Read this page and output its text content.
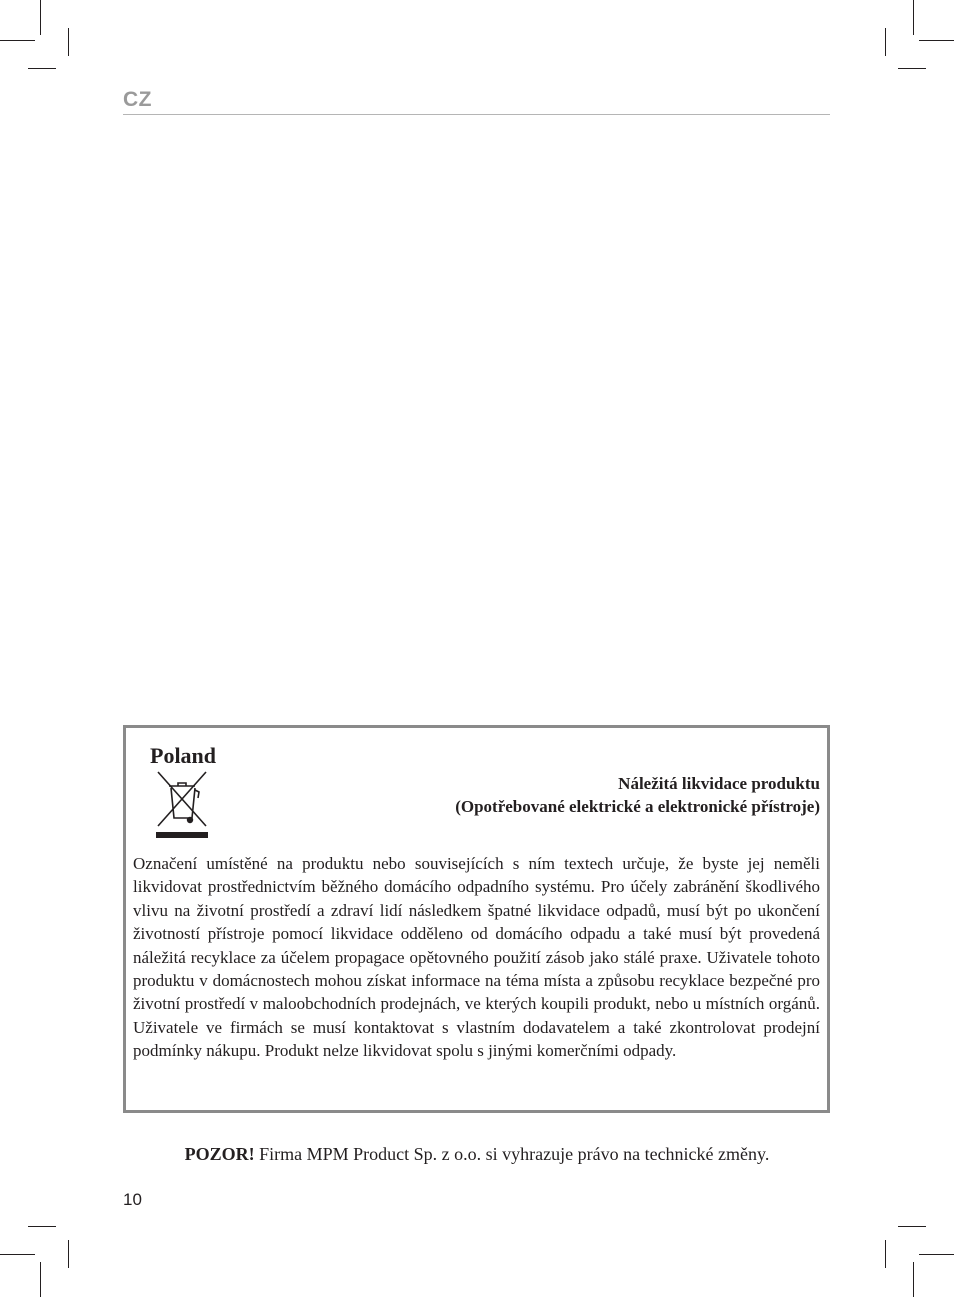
CZ
Poland
Náležitá likvidace produktu
(Opotřebované elektrické a elektronické přístroje)
Označení umístěné na produktu nebo souvisejících s ním textech určuje, že byste jej neměli likvidovat prostřednictvím běžného domácího odpadního systému. Pro účely zabránění škodlivého vlivu na životní prostředí a zdraví lidí následkem špatné likvidace odpadů, musí být po ukončení životností přístroje pomocí likvidace odděleno od domácího odpadu a také musí být provedená náležitá recyklace za účelem propagace opětovného použití zásob jako stálé praxe. Uživatele tohoto produktu v domácnostech mohou získat informace na téma místa a způsobu recyklace bezpečné pro životní prostředí v maloobchodních prodejnách, ve kterých koupili produkt, nebo u místních orgánů. Uživatele ve firmách se musí kontaktovat s vlastním dodavatelem a také zkontrolovat prodejní podmínky nákupu. Produkt nelze likvidovat spolu s jinými komerčními odpady.
POZOR! Firma MPM Product Sp. z o.o. si vyhrazuje právo na technické změny.
10
